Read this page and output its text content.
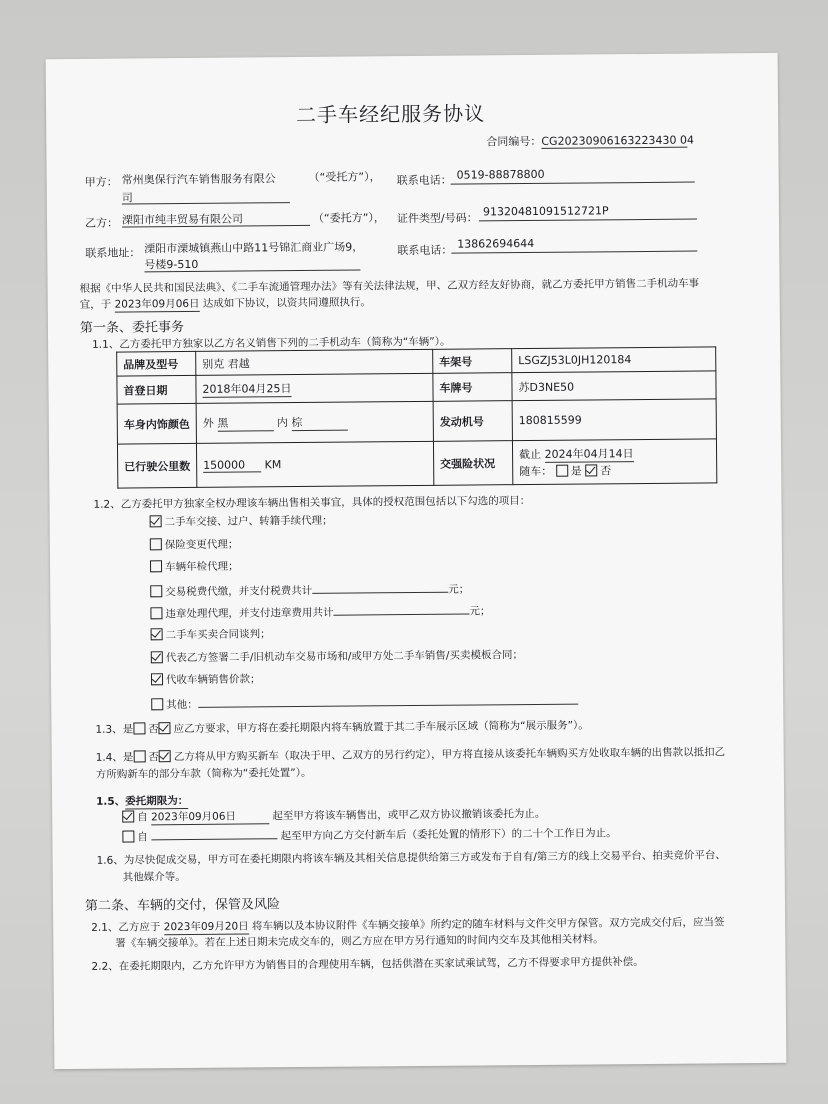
二手车经纪服务协议
合同编号：CG20230906163223430 04
甲方： 常州奥保行汽车销售服务有限公
司
（“受托方”）， 联系电话： 0519-88878800
乙方： 溧阳市纯丰贸易有限公司	（“委托方”）， 证件类型/号码： 91320481091512721P
联系地址： 溧阳市溧城镇燕山中路11号锦汇商业广场9，
号楼9-510
联系电话： 13862694644
根据《中华人民共和国民法典》、《二手车流通管理办法》等有关法律法规，甲、乙双方经友好协商，就乙方委托甲方销售二手机动车事
宜，于 2023年09月06日 达成如下协议，以资共同遵照执行。
第一条、委托事务
1.1、乙方委托甲方独家以乙方名义销售下列的二手机动车（简称为“车辆”）。
品牌及型号	别克 君越	车架号	LSGZJ53L0JH120184
首登日期	2018年04月25日	车牌号	苏D3NE50
车身内饰颜色	外 黑 内 棕	发动机号	180815599
已行驶公里数	150000 KM	交强险状况	截止 2024年04月14日
随车： 是 否
1.2、乙方委托甲方独家全权办理该车辆出售相关事宜，具体的授权范围包括以下勾选的项目：
二手车交接、过户、转籍手续代理；
保险变更代理；
车辆年检代理；
交易税费代缴，并支付税费共计	元；
违章处理代理，并支付违章费用共计	元；
二手车买卖合同谈判；
代表乙方签署二手/旧机动车交易市场和/或甲方处二手车销售/买卖模板合同；
代收车辆销售价款；
其他：
1.3、是 否 应乙方要求，甲方将在委托期限内将车辆放置于其二手车展示区域（简称为“展示服务”）。
1.4、是 否 乙方将从甲方购买新车（取决于甲、乙双方的另行约定），甲方将直接从该委托车辆购买方处收取车辆的出售款以抵扣乙
方所购新车的部分车款（简称为“委托处置”）。
1.5、委托期限为：
自 2023年09月06日	起至甲方将该车辆售出，或甲乙双方协议撤销该委托为止。
自	起至甲方向乙方交付新车后（委托处置的情形下）的二十个工作日为止。
1.6、为尽快促成交易，甲方可在委托期限内将该车辆及其相关信息提供给第三方或发布于自有/第三方的线上交易平台、拍卖竞价平台、
其他媒介等。
第二条、车辆的交付，保管及风险
2.1、乙方应于 2023年09月20日 将车辆以及本协议附件《车辆交接单》所约定的随车材料与文件交甲方保管。双方完成交付后，应当签
署《车辆交接单》。若在上述日期未完成交车的，则乙方应在甲方另行通知的时间内交车及其他相关材料。
2.2、在委托期限内，乙方允许甲方为销售目的合理使用车辆，包括供潜在买家试乘试驾，乙方不得要求甲方提供补偿。
